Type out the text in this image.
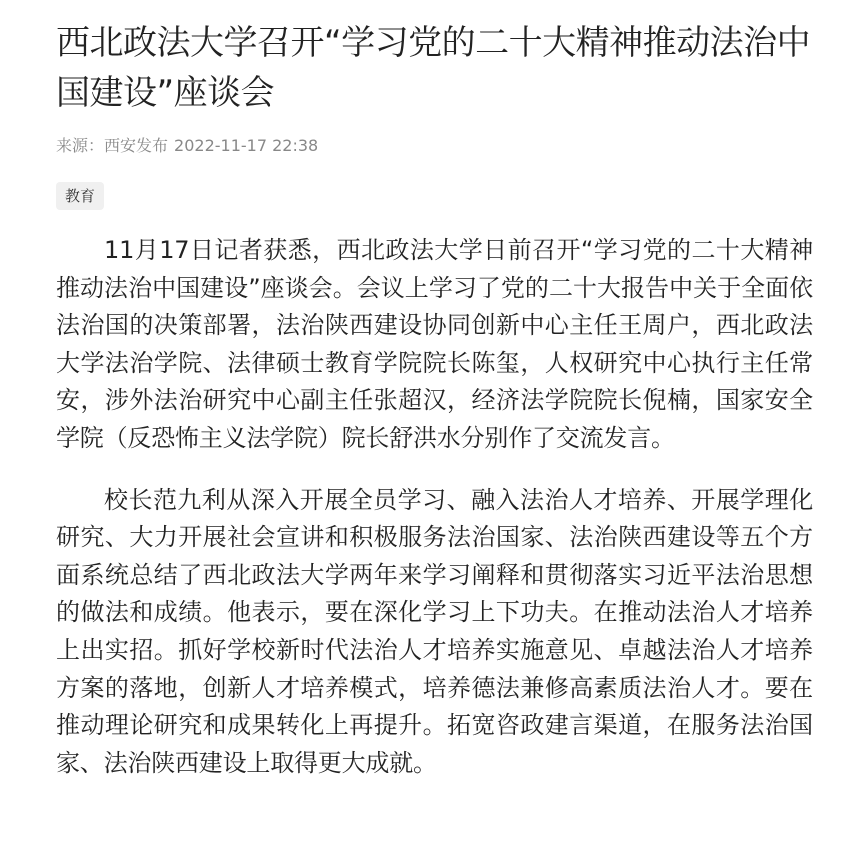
西北政法大学召开“学习党的二十大精神推动法治中国建设”座谈会
来源：西安发布 2022-11-17 22:38
教育

11月17日记者获悉，西北政法大学日前召开“学习党的二十大精神 推动法治中国建设”座谈会。会议上学习了党的二十大报告中关于全面依法治国的决策部署，法治陕西建设协同创新中心主任王周户，西北政法大学法治学院、法律硕士教育学院院长陈玺，人权研究中心执行主任常安，涉外法治研究中心副主任张超汉，经济法学院院长倪楠，国家安全学院（反恐怖主义法学院）院长舒洪水分别作了交流发言。

校长范九利从深入开展全员学习、融入法治人才培养、开展学理化研究、大力开展社会宣讲和积极服务法治国家、法治陕西建设等五个方面系统总结了西北政法大学两年来学习阐释和贯彻落实习近平法治思想的做法和成绩。他表示，要在深化学习上下功夫。在推动法治人才培养上出实招。抓好学校新时代法治人才培养实施意见、卓越法治人才培养方案的落地，创新人才培养模式，培养德法兼修高素质法治人才。要在推动理论研究和成果转化上再提升。拓宽咨政建言渠道，在服务法治国家、法治陕西建设上取得更大成就。
